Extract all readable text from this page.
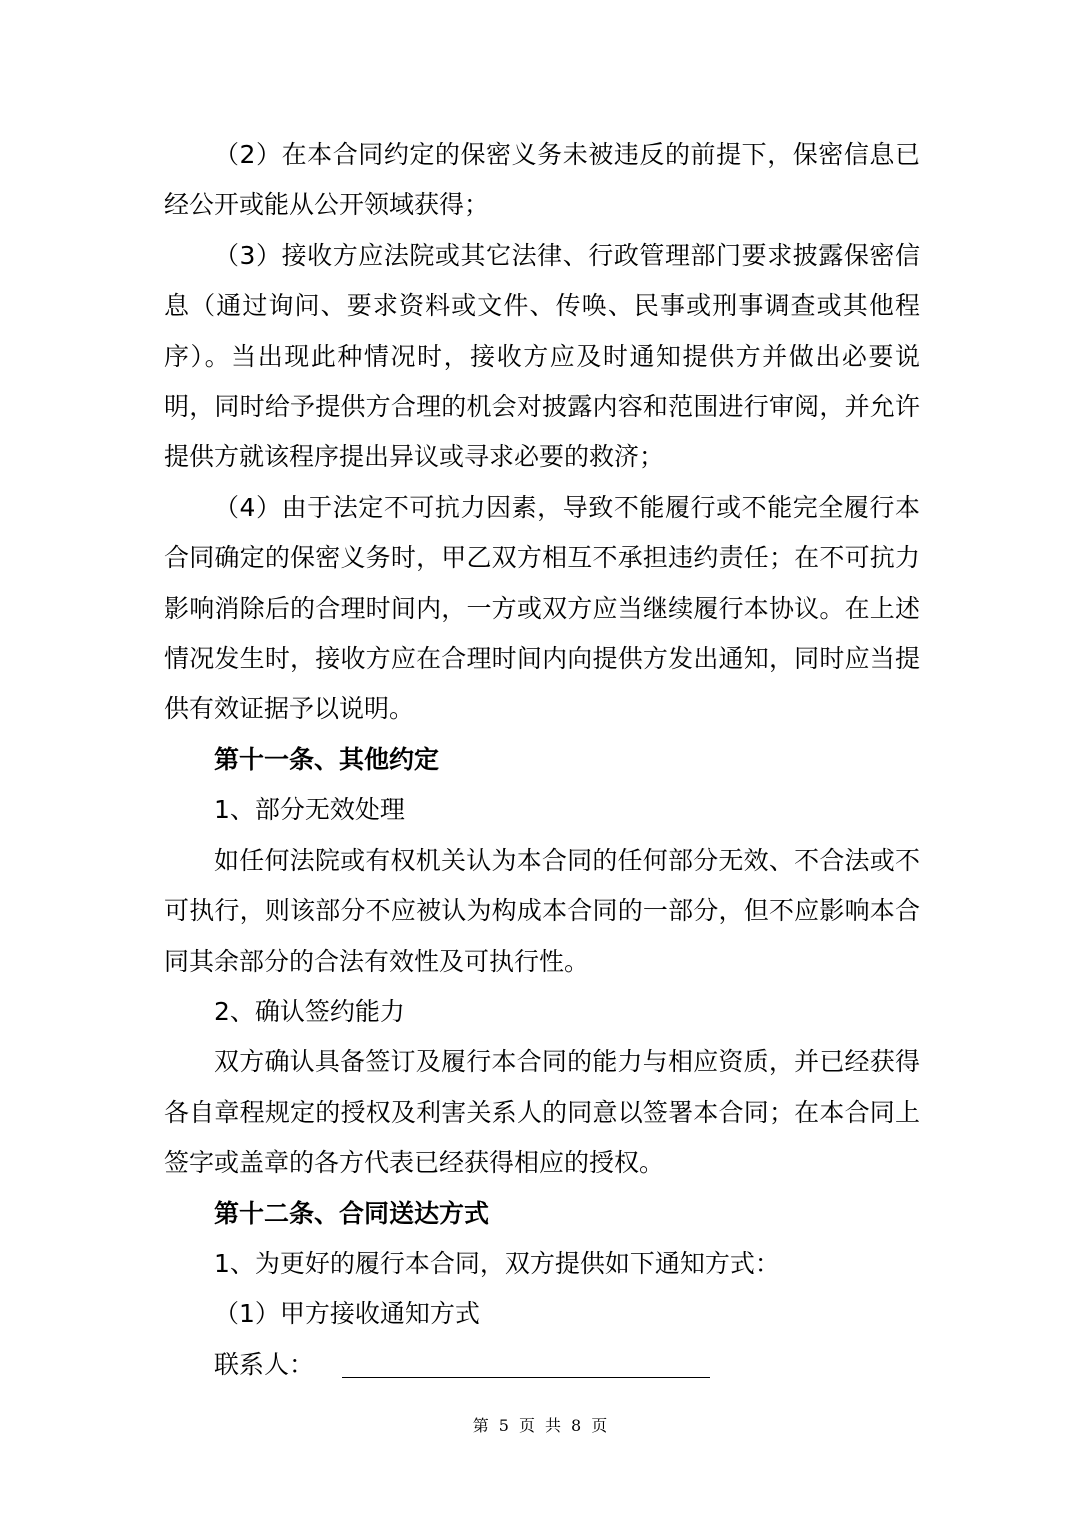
（2）在本合同约定的保密义务未被违反的前提下，保密信息已经公开或能从公开领域获得；

（3）接收方应法院或其它法律、行政管理部门要求披露保密信息（通过询问、要求资料或文件、传唤、民事或刑事调查或其他程序）。当出现此种情况时，接收方应及时通知提供方并做出必要说明，同时给予提供方合理的机会对披露内容和范围进行审阅，并允许提供方就该程序提出异议或寻求必要的救济；

（4）由于法定不可抗力因素，导致不能履行或不能完全履行本合同确定的保密义务时，甲乙双方相互不承担违约责任；在不可抗力影响消除后的合理时间内，一方或双方应当继续履行本协议。在上述情况发生时，接收方应在合理时间内向提供方发出通知，同时应当提供有效证据予以说明。

第十一条、其他约定

1、部分无效处理

如任何法院或有权机关认为本合同的任何部分无效、不合法或不可执行，则该部分不应被认为构成本合同的一部分，但不应影响本合同其余部分的合法有效性及可执行性。

2、确认签约能力

双方确认具备签订及履行本合同的能力与相应资质，并已经获得各自章程规定的授权及利害关系人的同意以签署本合同；在本合同上签字或盖章的各方代表已经获得相应的授权。

第十二条、合同送达方式

1、为更好的履行本合同，双方提供如下通知方式：

（1）甲方接收通知方式

联系人：

第 5 页 共 8 页
